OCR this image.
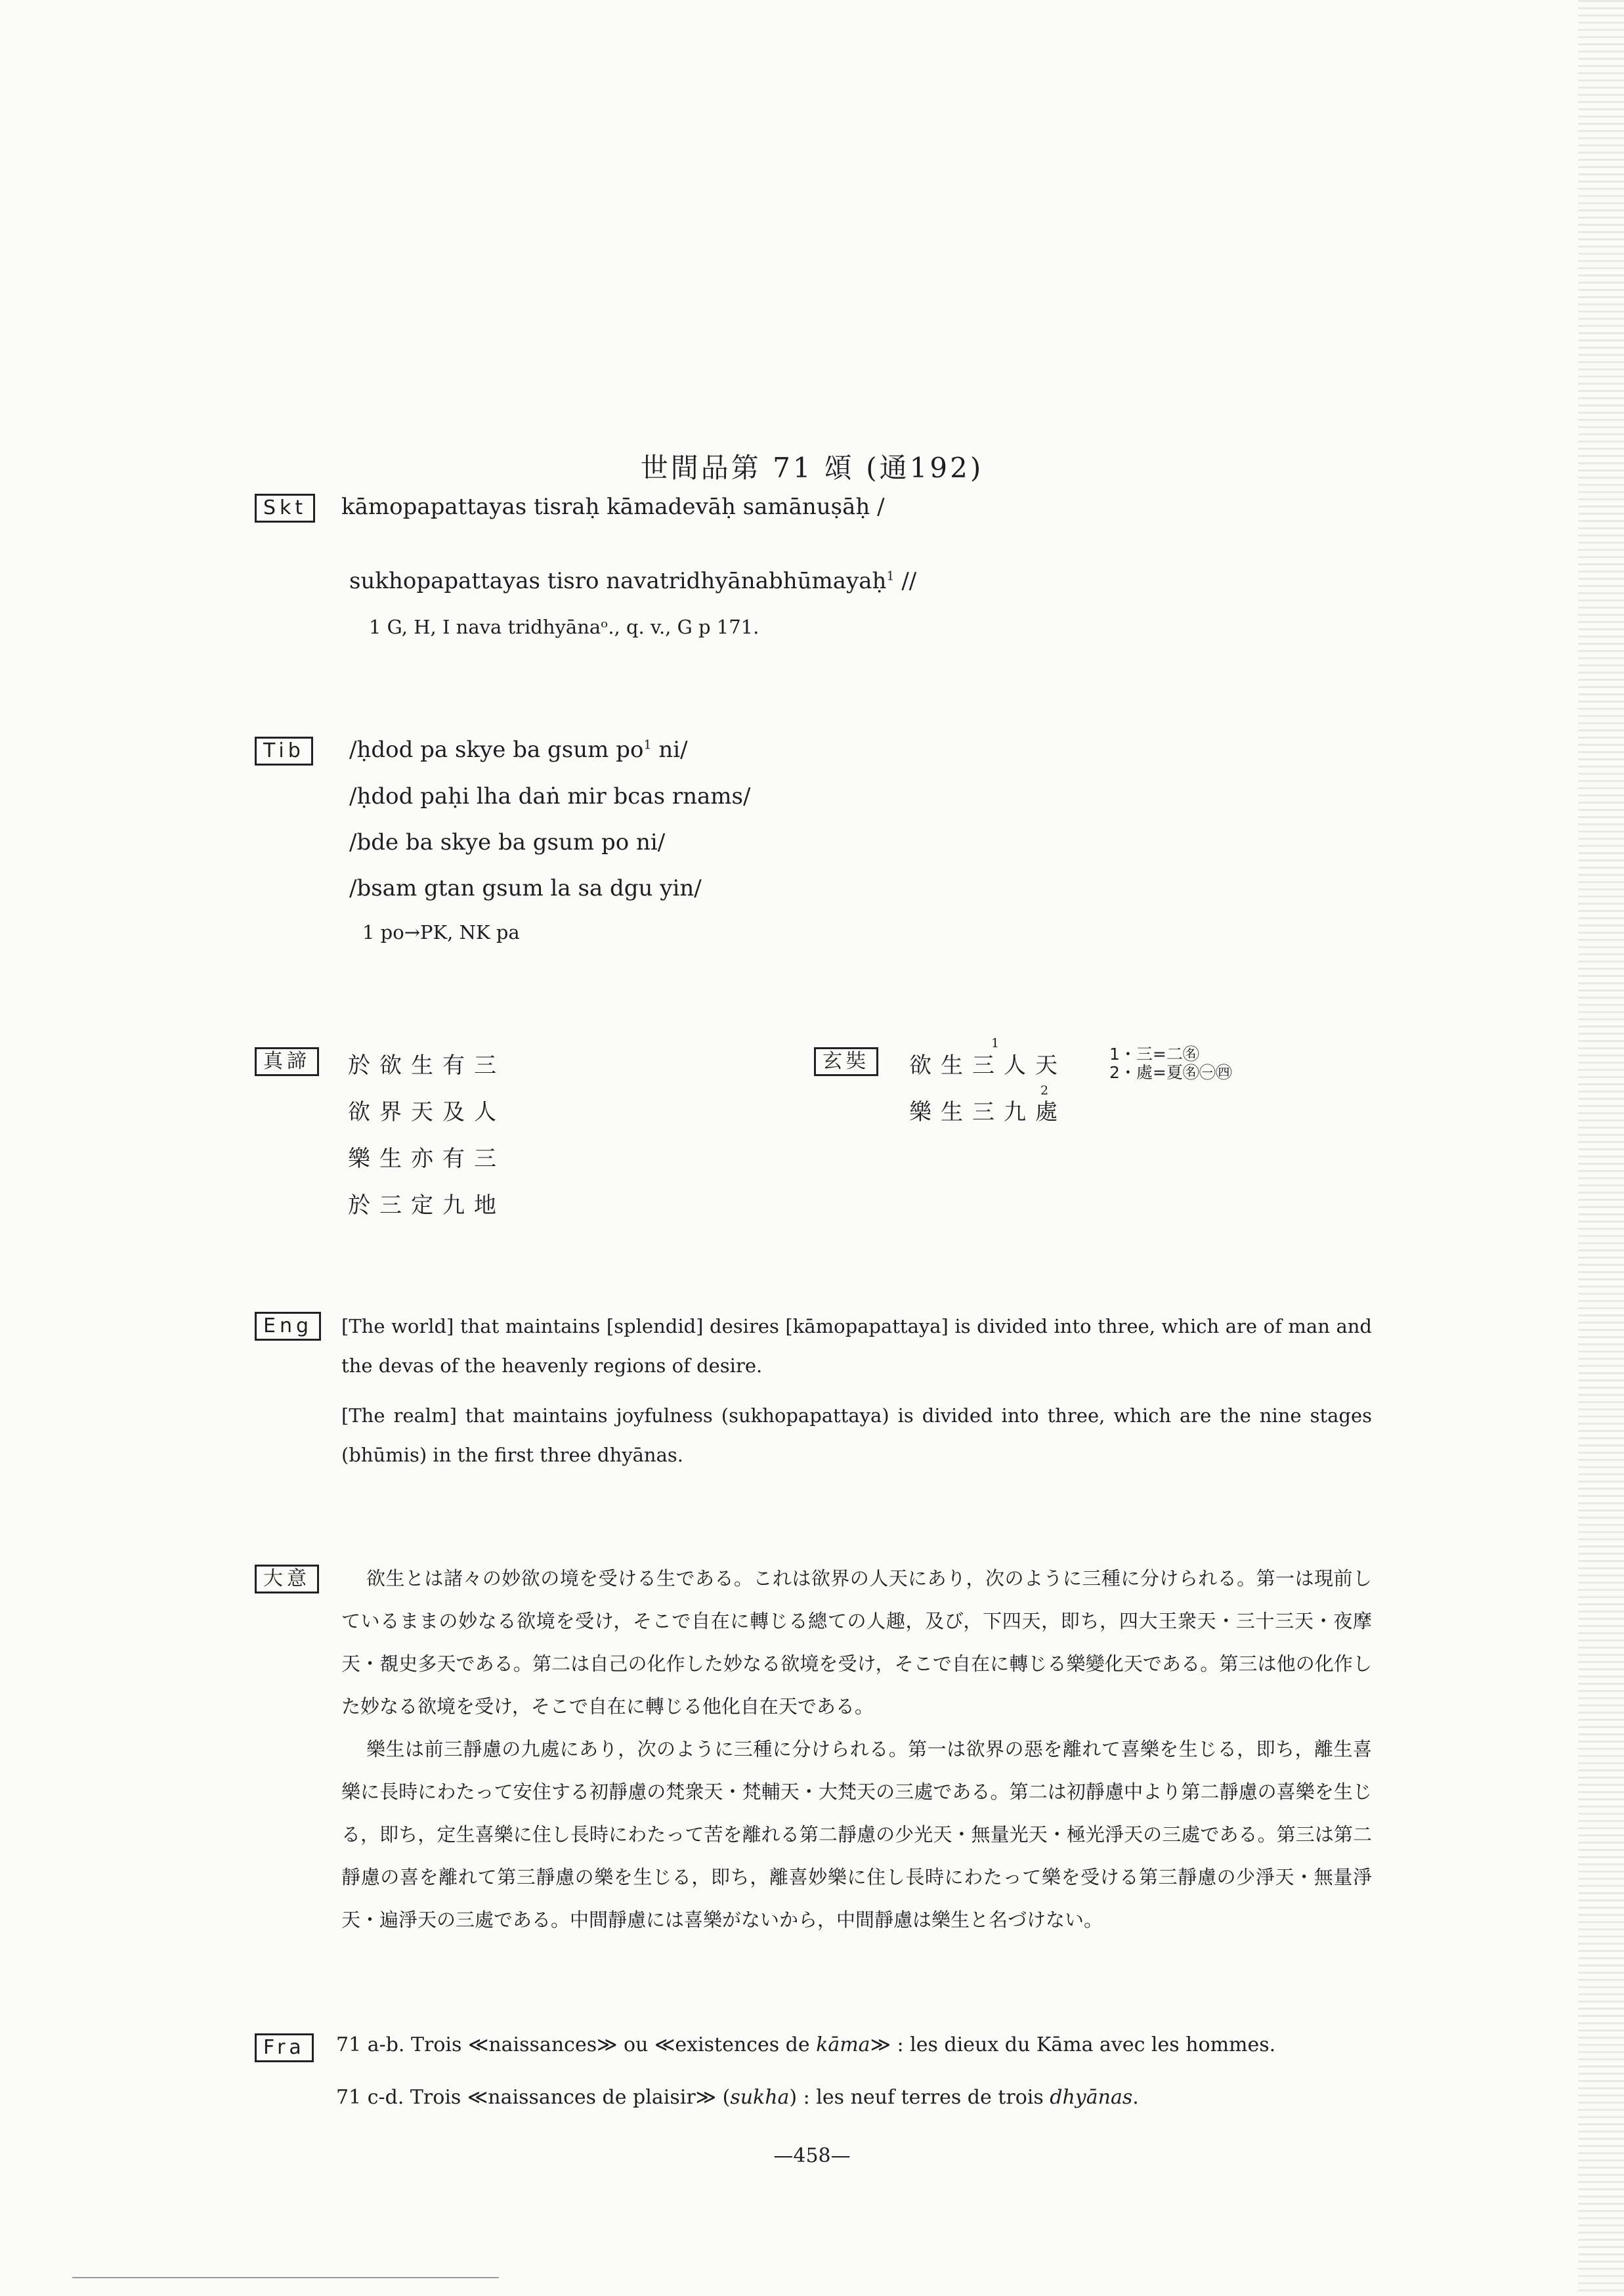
世間品第 71 頌 (通192)
Skt	kāmopapattayas tisraḥ kāmadevāḥ samānuṣāḥ /
sukhopapattayas tisro navatridhyānabhūmayaḥ$^1$ //
1 G, H, I nava tridhyānaᵒ., q. v., G p 171.
Tib	/ḥdod pa skye ba gsum $po^1$ ni/
/ḥdod paḥi lha daṅ mir bcas rnams/
/bde ba skye ba gsum po ni/
/bsam gtan gsum la sa dgu yin/
1 po→PK, NK pa
真諦	於欲生有三
欲界天及人
樂生亦有三
於三定九地
玄奘	欲生三人天
1
樂生三九處
2
1・三=二㊔
2・處=夏㊔㊀㊃
Eng	[The world] that maintains [splendid] desires [kāmopapattaya] is divided into three, which are of man and the devas of the heavenly regions of desire.
[The realm] that maintains joyfulness (sukhopapattaya) is divided into three, which are the nine stages (bhūmis) in the first three dhyānas.
大意	欲生とは諸々の妙欲の境を受ける生である。これは欲界の人天にあり，次のように三種に分けられる。第一は現前しているままの妙なる欲境を受け，そこで自在に轉じる總ての人趣，及び，下四天，即ち，四大王衆天・三十三天・夜摩天・覩史多天である。第二は自己の化作した妙なる欲境を受け，そこで自在に轉じる樂變化天である。第三は他の化作した妙なる欲境を受け，そこで自在に轉じる他化自在天である。

樂生は前三靜慮の九處にあり，次のように三種に分けられる。第一は欲界の惡を離れて喜樂を生じる，即ち，離生喜樂に長時にわたって安住する初靜慮の梵衆天・梵輔天・大梵天の三處である。第二は初靜慮中より第二靜慮の喜樂を生じる，即ち，定生喜樂に住し長時にわたって苦を離れる第二靜慮の少光天・無量光天・極光淨天の三處である。第三は第二靜慮の喜を離れて第三靜慮の樂を生じる，即ち，離喜妙樂に住し長時にわたって樂を受ける第三靜慮の少淨天・無量淨天・遍淨天の三處である。中間靜慮には喜樂がないから，中間靜慮は樂生と名づけない。

Fra	71 a-b. Trois ≪naissances≫ ou ≪existences de kāma≫ : les dieux du Kāma avec les hommes.
71 c-d. Trois ≪naissances de plaisir≫ (sukha) : les neuf terres de trois dhyānas.
—458—
